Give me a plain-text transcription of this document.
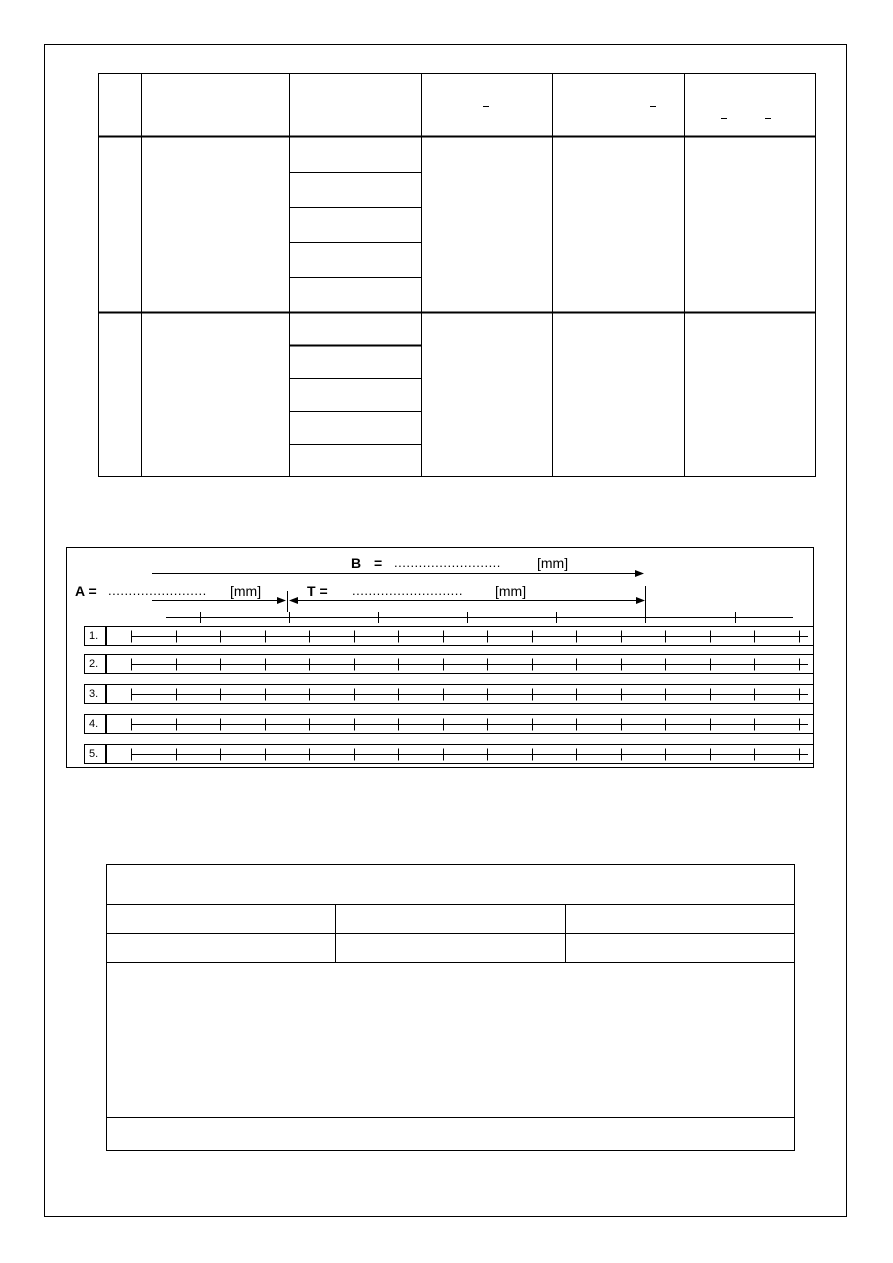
B = ..........................	[mm]
A = ........................ [mm]	T = ........................... [mm]
1.
2.
3.
4.
5.
